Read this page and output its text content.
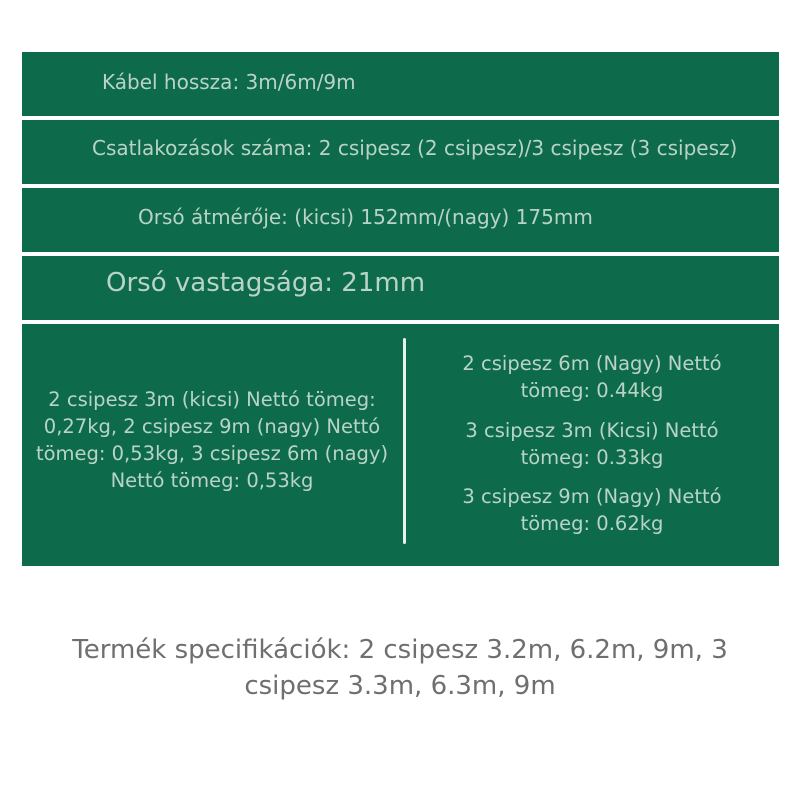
Kábel hossza: 3m/6m/9m
Csatlakozások száma: 2 csipesz (2 csipesz)/3 csipesz (3 csipesz)
Orsó átmérője: (kicsi) 152mm/(nagy) 175mm
Orsó vastagsága: 21mm
2 csipesz 3m (kicsi) Nettó tömeg: 0,27kg, 2 csipesz 9m (nagy) Nettó tömeg: 0,53kg, 3 csipesz 6m (nagy) Nettó tömeg: 0,53kg
2 csipesz 6m (Nagy) Nettó tömeg: 0.44kg
3 csipesz 3m (Kicsi) Nettó tömeg: 0.33kg
3 csipesz 9m (Nagy) Nettó tömeg: 0.62kg
Termék specifikációk: 2 csipesz 3.2m, 6.2m, 9m, 3 csipesz 3.3m, 6.3m, 9m
